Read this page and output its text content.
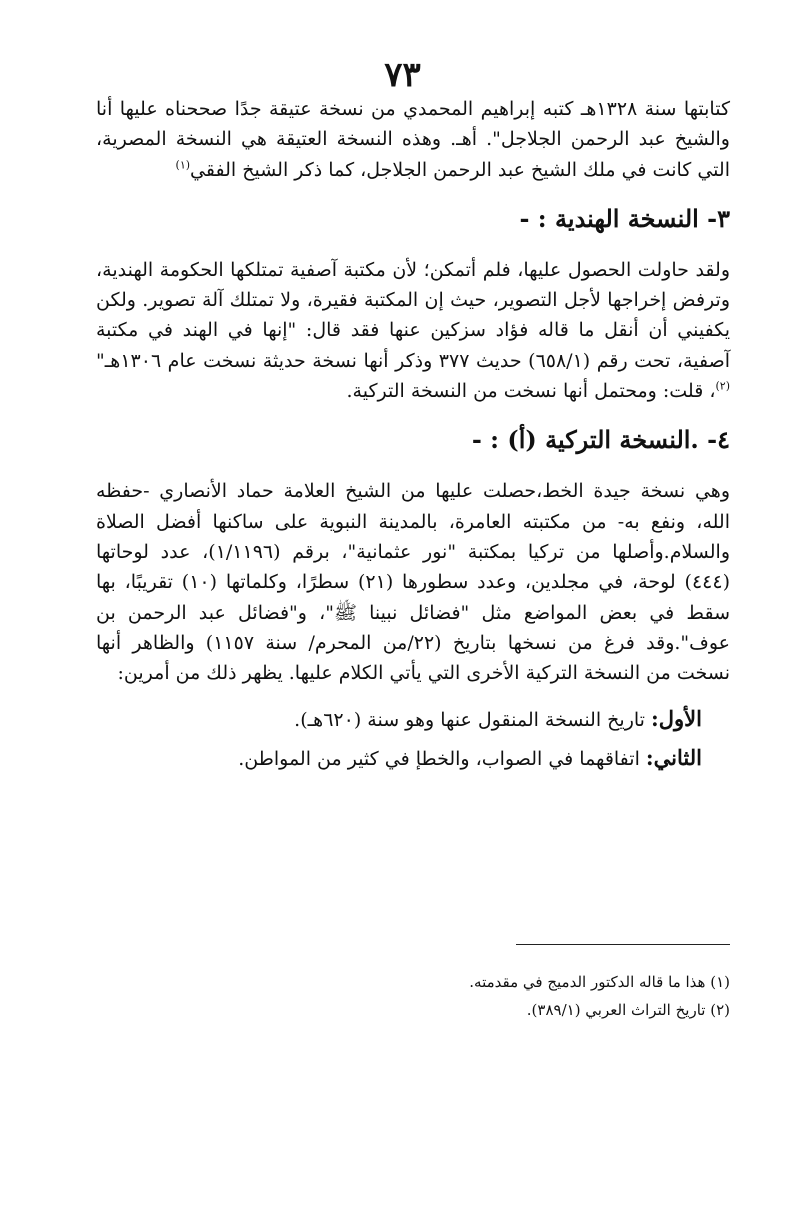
٧٣

كتابتها سنة ١٣٢٨هـ كتبه إبراهيم المحمدي من نسخة عتيقة جدًا صححناه عليها أنا والشيخ عبد الرحمن الجلاجل". أهـ. وهذه النسخة العتيقة هي النسخة المصرية، التي كانت في ملك الشيخ عبد الرحمن الجلاجل، كما ذكر الشيخ الفقي$^{(١)}$

٣- النسخة الهندية : -

ولقد حاولت الحصول عليها، فلم أتمكن؛ لأن مكتبة آصفية تمتلكها الحكومة الهندية، وترفض إخراجها لأجل التصوير، حيث إن المكتبة فقيرة، ولا تمتلك آلة تصوير. ولكن يكفيني أن أنقل ما قاله فؤاد سزكين عنها فقد قال: "إنها في الهند في مكتبة آصفية، تحت رقم (٦٥٨/١) حديث ٣٧٧ وذكر أنها نسخة حديثة نسخت عام ١٣٠٦هـ"$^{(٢)}$، قلت: ومحتمل أنها نسخت من النسخة التركية.

٤- .النسخة التركية (أ) : -

وهي نسخة جيدة الخط،حصلت عليها من الشيخ العلامة حماد الأنصاري -حفظه الله، ونفع به- من مكتبته العامرة، بالمدينة النبوية على ساكنها أفضل الصلاة والسلام.وأصلها من تركيا بمكتبة "نور عثمانية"، برقم (١/١١٩٦)، عدد لوحاتها (٤٤٤) لوحة، في مجلدين، وعدد سطورها (٢١) سطرًا، وكلماتها (١٠) تقريبًا، بها سقط في بعض المواضع مثل "فضائل نبينا ﷺ"، و"فضائل عبد الرحمن بن عوف".وقد فرغ من نسخها بتاريخ (٢٢/من المحرم/ سنة ١١٥٧) والظاهر أنها نسخت من النسخة التركية الأخرى التي يأتي الكلام عليها. يظهر ذلك من أمرين:

الأول: تاريخ النسخة المنقول عنها وهو سنة (٦٢٠هـ).

الثاني: اتفاقهما في الصواب، والخطإ في كثير من المواطن.

(١) هذا ما قاله الدكتور الدميج في مقدمته.
(٢) تاريخ التراث العربي (٣٨٩/١).
